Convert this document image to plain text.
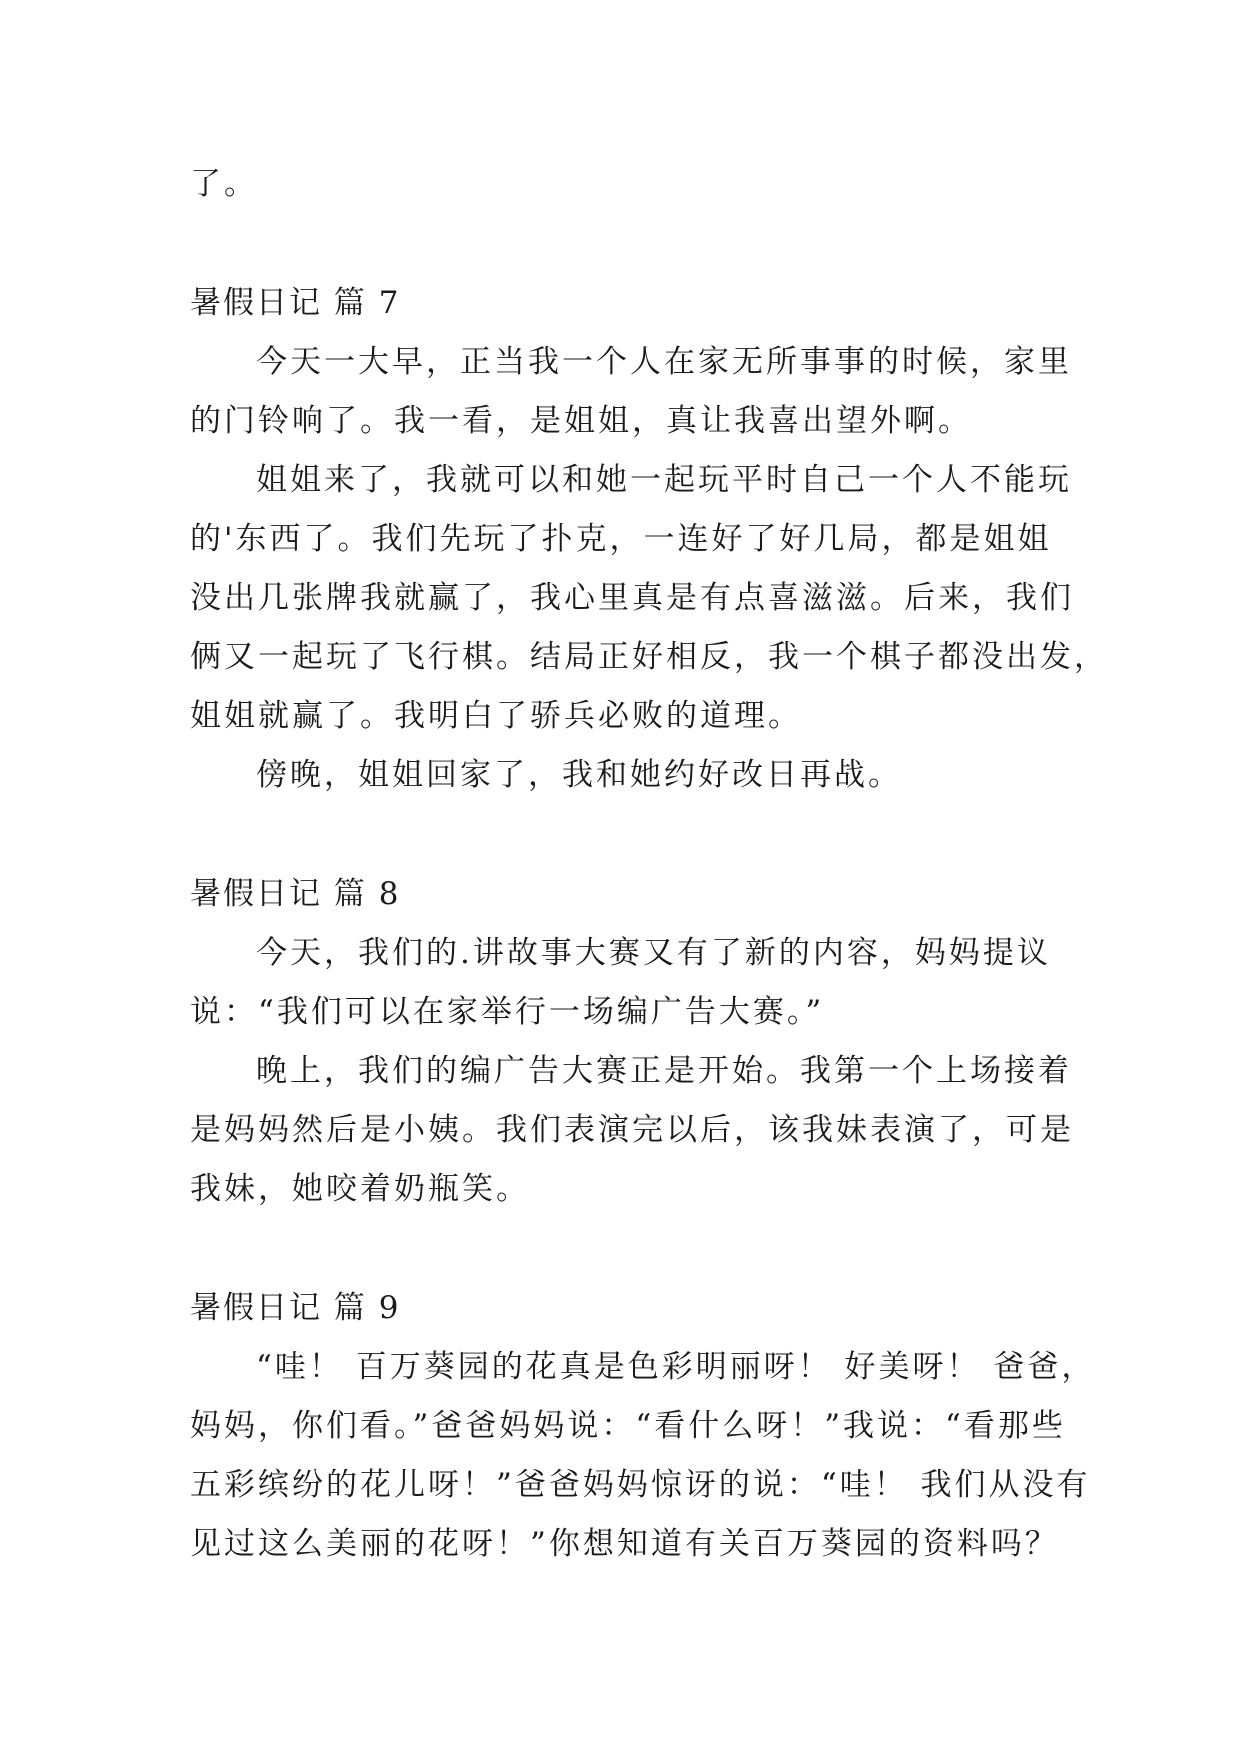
了。
暑假日记 篇 7
今天一大早，正当我一个人在家无所事事的时候，家里
的门铃响了。我一看，是姐姐，真让我喜出望外啊。
姐姐来了，我就可以和她一起玩平时自己一个人不能玩
的'东西了。我们先玩了扑克，一连好了好几局，都是姐姐
没出几张牌我就赢了，我心里真是有点喜滋滋。后来，我们
俩又一起玩了飞行棋。结局正好相反，我一个棋子都没出发，
姐姐就赢了。我明白了骄兵必败的道理。
傍晚，姐姐回家了，我和她约好改日再战。
暑假日记 篇 8
今天，我们的.讲故事大赛又有了新的内容，妈妈提议
说：“我们可以在家举行一场编广告大赛。”
晚上，我们的编广告大赛正是开始。我第一个上场接着
是妈妈然后是小姨。我们表演完以后，该我妹表演了，可是
我妹，她咬着奶瓶笑。
暑假日记 篇 9
“哇！ 百万葵园的花真是色彩明丽呀！ 好美呀！ 爸爸，
妈妈，你们看。”爸爸妈妈说：“看什么呀！”我说：“看那些
五彩缤纷的花儿呀！”爸爸妈妈惊讶的说：“哇！ 我们从没有
见过这么美丽的花呀！”你想知道有关百万葵园的资料吗？
